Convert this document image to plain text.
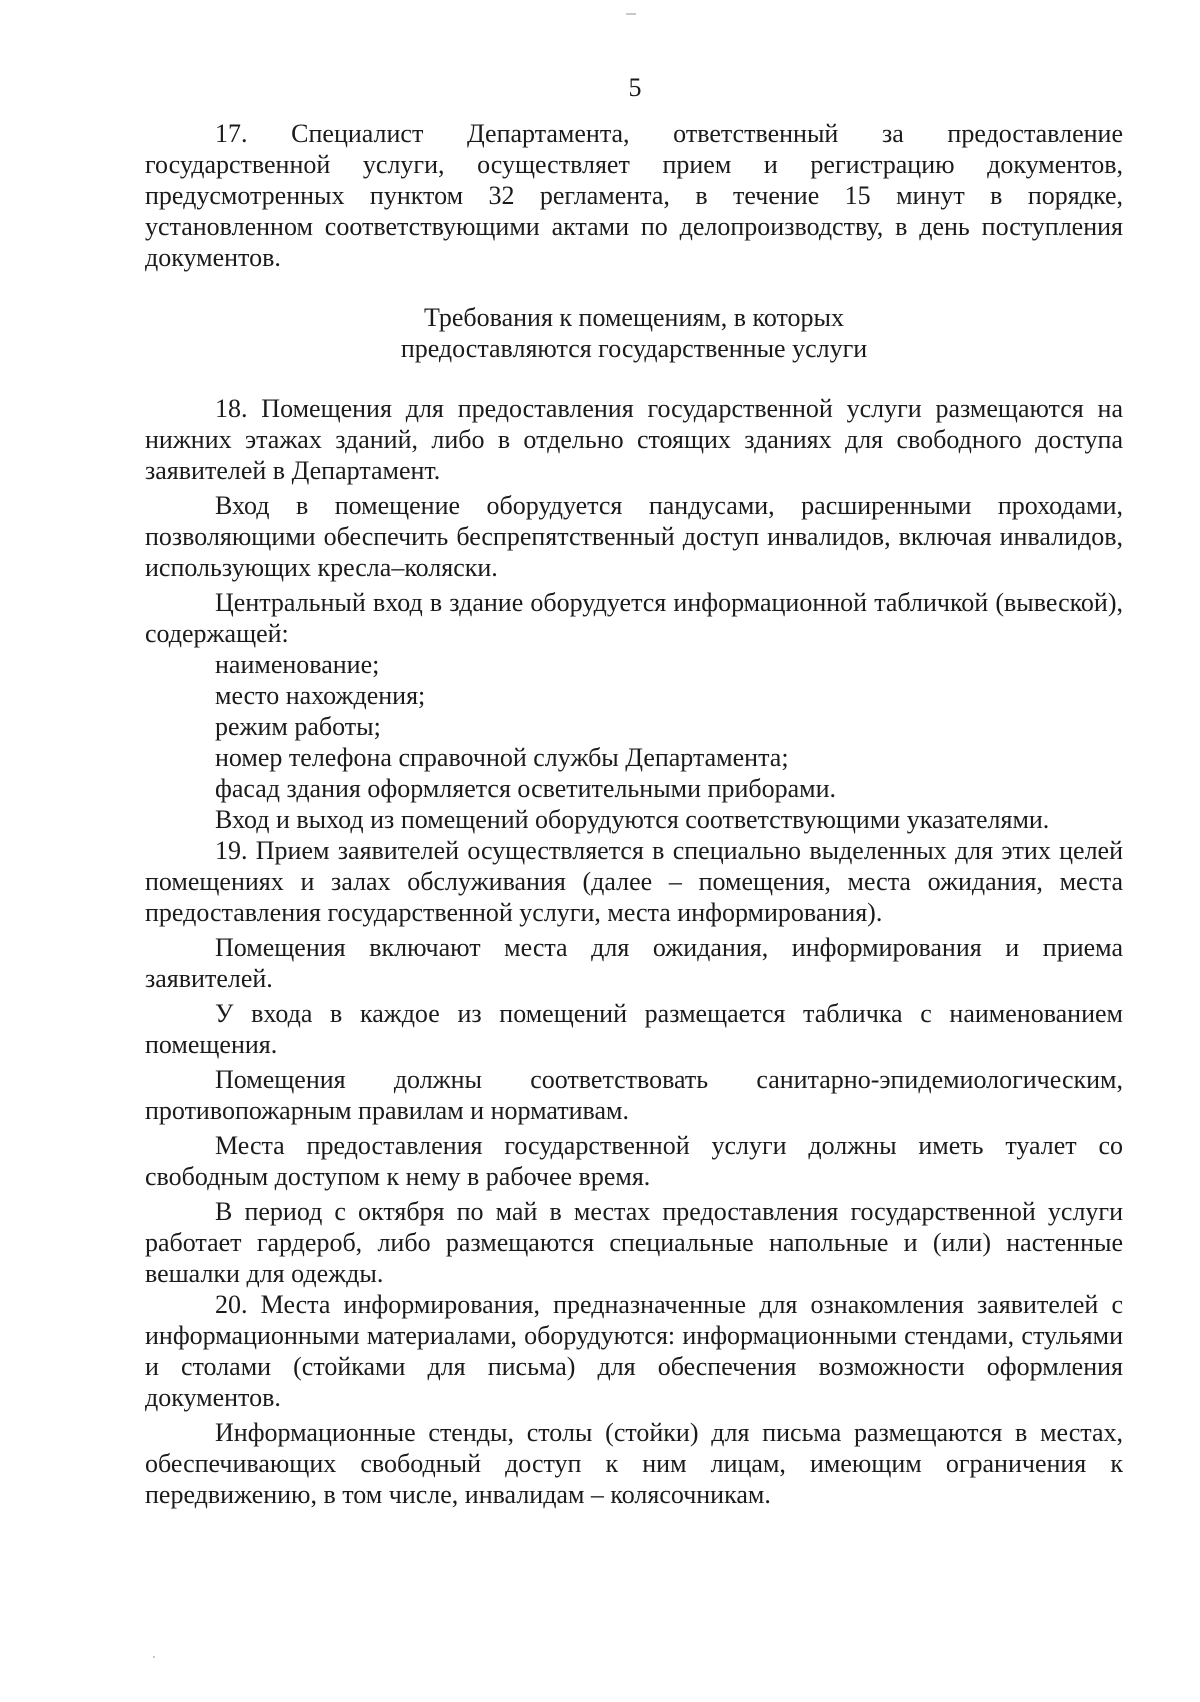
5

17. Специалист Департамента, ответственный за предоставление государственной услуги, осуществляет прием и регистрацию документов, предусмотренных пунктом 32 регламента, в течение 15 минут в порядке, установленном соответствующими актами по делопроизводству, в день поступления документов.

Требования к помещениям, в которых
предоставляются государственные услуги

18. Помещения для предоставления государственной услуги размещаются на нижних этажах зданий, либо в отдельно стоящих зданиях для свободного доступа заявителей в Департамент.

Вход в помещение оборудуется пандусами, расширенными проходами, позволяющими обеспечить беспрепятственный доступ инвалидов, включая инвалидов, использующих кресла–коляски.

Центральный вход в здание оборудуется информационной табличкой (вывеской), содержащей:

наименование;

место нахождения;

режим работы;

номер телефона справочной службы Департамента;

фасад здания оформляется осветительными приборами.

Вход и выход из помещений оборудуются соответствующими указателями.

19. Прием заявителей осуществляется в специально выделенных для этих целей помещениях и залах обслуживания (далее – помещения, места ожидания, места предоставления государственной услуги, места информирования).

Помещения включают места для ожидания, информирования и приема заявителей.

У входа в каждое из помещений размещается табличка с наименованием помещения.

Помещения должны соответствовать санитарно-эпидемиологическим, противопожарным правилам и нормативам.

Места предоставления государственной услуги должны иметь туалет со свободным доступом к нему в рабочее время.

В период с октября по май в местах предоставления государственной услуги работает гардероб, либо размещаются специальные напольные и (или) настенные вешалки для одежды.

20. Места информирования, предназначенные для ознакомления заявителей с информационными материалами, оборудуются: информационными стендами, стульями и столами (стойками для письма) для обеспечения возможности оформления документов.

Информационные стенды, столы (стойки) для письма размещаются в местах, обеспечивающих свободный доступ к ним лицам, имеющим ограничения к передвижению, в том числе, инвалидам – колясочникам.
